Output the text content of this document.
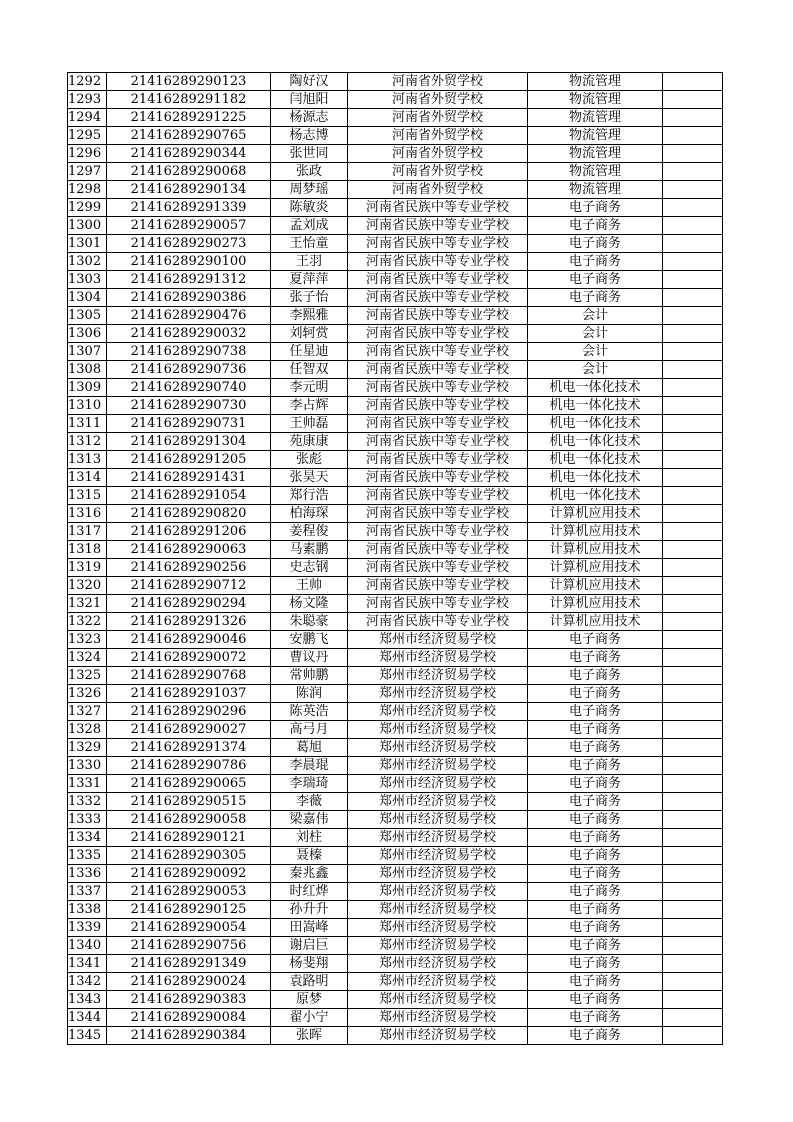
1292	21416289290123	陶好汉	河南省外贸学校	物流管理	
1293	21416289291182	闫旭阳	河南省外贸学校	物流管理	
1294	21416289291225	杨源志	河南省外贸学校	物流管理	
1295	21416289290765	杨志博	河南省外贸学校	物流管理	
1296	21416289290344	张世同	河南省外贸学校	物流管理	
1297	21416289290068	张政	河南省外贸学校	物流管理	
1298	21416289290134	周梦瑶	河南省外贸学校	物流管理	
1299	21416289291339	陈敏炎	河南省民族中等专业学校	电子商务	
1300	21416289290057	孟刘成	河南省民族中等专业学校	电子商务	
1301	21416289290273	王怡童	河南省民族中等专业学校	电子商务	
1302	21416289290100	王羽	河南省民族中等专业学校	电子商务	
1303	21416289291312	夏萍萍	河南省民族中等专业学校	电子商务	
1304	21416289290386	张子怡	河南省民族中等专业学校	电子商务	
1305	21416289290476	李熙雅	河南省民族中等专业学校	会计	
1306	21416289290032	刘轲赏	河南省民族中等专业学校	会计	
1307	21416289290738	任星迪	河南省民族中等专业学校	会计	
1308	21416289290736	任智双	河南省民族中等专业学校	会计	
1309	21416289290740	李元明	河南省民族中等专业学校	机电一体化技术	
1310	21416289290730	李占辉	河南省民族中等专业学校	机电一体化技术	
1311	21416289290731	王帅磊	河南省民族中等专业学校	机电一体化技术	
1312	21416289291304	苑康康	河南省民族中等专业学校	机电一体化技术	
1313	21416289291205	张彪	河南省民族中等专业学校	机电一体化技术	
1314	21416289291431	张昊天	河南省民族中等专业学校	机电一体化技术	
1315	21416289291054	郑行浩	河南省民族中等专业学校	机电一体化技术	
1316	21416289290820	柏海琛	河南省民族中等专业学校	计算机应用技术	
1317	21416289291206	姜程俊	河南省民族中等专业学校	计算机应用技术	
1318	21416289290063	马素鹏	河南省民族中等专业学校	计算机应用技术	
1319	21416289290256	史志钢	河南省民族中等专业学校	计算机应用技术	
1320	21416289290712	王帅	河南省民族中等专业学校	计算机应用技术	
1321	21416289290294	杨文隆	河南省民族中等专业学校	计算机应用技术	
1322	21416289291326	朱聪豪	河南省民族中等专业学校	计算机应用技术	
1323	21416289290046	安鹏飞	郑州市经济贸易学校	电子商务	
1324	21416289290072	曹议丹	郑州市经济贸易学校	电子商务	
1325	21416289290768	常帅鹏	郑州市经济贸易学校	电子商务	
1326	21416289291037	陈润	郑州市经济贸易学校	电子商务	
1327	21416289290296	陈英浩	郑州市经济贸易学校	电子商务	
1328	21416289290027	高弓月	郑州市经济贸易学校	电子商务	
1329	21416289291374	葛旭	郑州市经济贸易学校	电子商务	
1330	21416289290786	李晨琨	郑州市经济贸易学校	电子商务	
1331	21416289290065	李瑞琦	郑州市经济贸易学校	电子商务	
1332	21416289290515	李薇	郑州市经济贸易学校	电子商务	
1333	21416289290058	梁嘉伟	郑州市经济贸易学校	电子商务	
1334	21416289290121	刘柱	郑州市经济贸易学校	电子商务	
1335	21416289290305	聂榛	郑州市经济贸易学校	电子商务	
1336	21416289290092	秦兆鑫	郑州市经济贸易学校	电子商务	
1337	21416289290053	时红烨	郑州市经济贸易学校	电子商务	
1338	21416289290125	孙升升	郑州市经济贸易学校	电子商务	
1339	21416289290054	田嵩峰	郑州市经济贸易学校	电子商务	
1340	21416289290756	谢启巨	郑州市经济贸易学校	电子商务	
1341	21416289291349	杨斐翔	郑州市经济贸易学校	电子商务	
1342	21416289290024	袁路明	郑州市经济贸易学校	电子商务	
1343	21416289290383	原梦	郑州市经济贸易学校	电子商务	
1344	21416289290084	翟小宁	郑州市经济贸易学校	电子商务	
1345	21416289290384	张晖	郑州市经济贸易学校	电子商务	
